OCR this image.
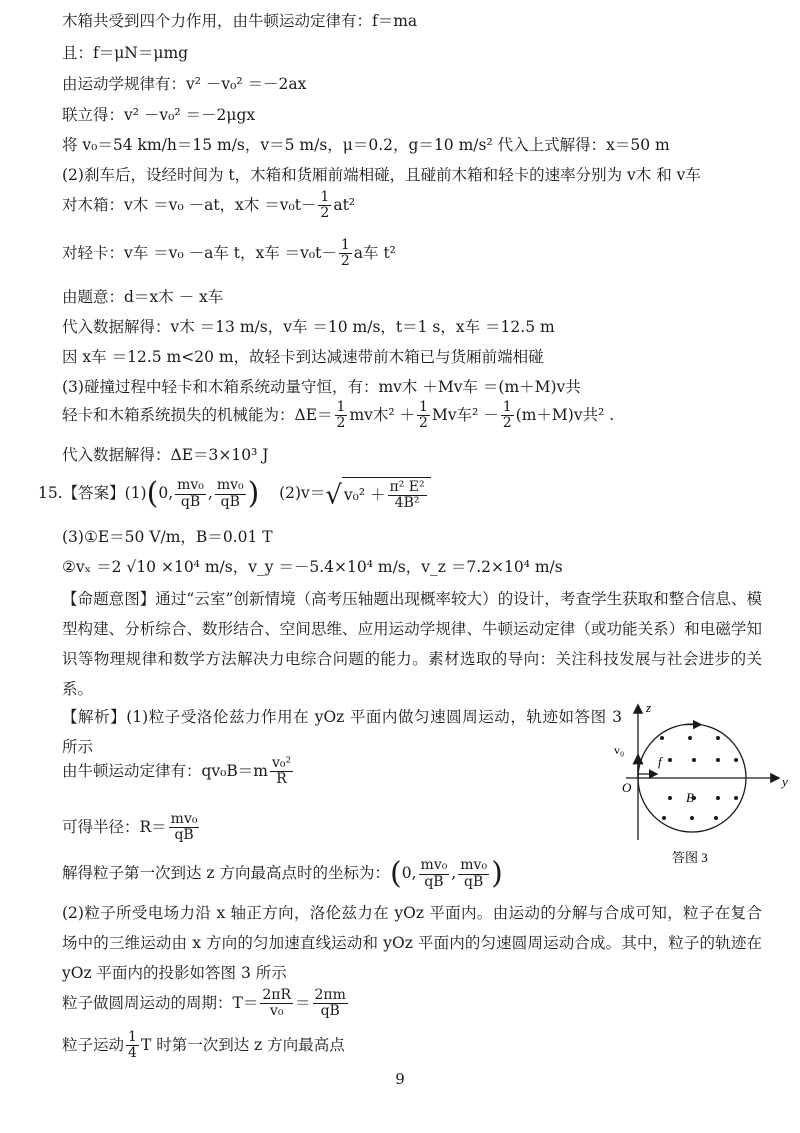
木箱共受到四个力作用，由牛顿运动定律有：f＝ma
且：f＝μN＝μmg
由运动学规律有：v² －v₀² ＝－2ax
联立得：v² －v₀² ＝－2μgx
将 v₀＝54 km/h＝15 m/s，v＝5 m/s，μ＝0.2，g＝10 m/s² 代入上式解得：x＝50 m
(2)刹车后，设经时间为 t，木箱和货厢前端相碰，且碰前木箱和轻卡的速率分别为 v木 和 v车
对木箱：v木 ＝v₀ －at，x木 $=v_0t- \frac{1}{2} at^2$
对轻卡：v车 ＝v₀ －a车 t，x车 $=v_0t- \frac{1}{2}$ a车 t²
由题意：d＝x木 － x车
代入数据解得：v木 ＝13 m/s，v车 ＝10 m/s，t＝1 s，x车 ＝12.5 m
因 x车 ＝12.5 m<20 m，故轻卡到达减速带前木箱已与货厢前端相碰
(3)碰撞过程中轻卡和木箱系统动量守恒，有：mv木 ＋Mv车 ＝(m＋M)v共
轻卡和木箱系统损失的机械能为：$\Delta E= \frac{1}{2}$ mv木$^2 + \frac{1}{2}$ Mv车$^2 - \frac{1}{2} (m+M)v$共² .
代入数据解得：ΔE＝3×10³ J
15.【答案】(1)(0, $\frac{\text{mv₀}}{qB}$ , $\frac{\text{mv₀}}{qB}$ ) (2)v＝√ $v_0^2 + \frac{\text{π² E²}}{\text{4B²}}$
(3)①E＝50 V/m，B＝0.01 T
②vₓ ＝2 √10 ×10⁴ m/s，v_y ＝－5.4×10⁴ m/s，v_z ＝7.2×10⁴ m/s
【命题意图】通过“云室”创新情境（高考压轴题出现概率较大）的设计，考查学生获取和整合信息、模型构建、分析综合、数形结合、空间思维、应用运动学规律、牛顿运动定律（或功能关系）和电磁学知识等物理规律和数学方法解决力电综合问题的能力。素材选取的导向：关注科技发展与社会进步的关系。
【解析】(1)粒子受洛伦兹力作用在 yOz 平面内做匀速圆周运动，轨迹如答图 3 所示
由牛顿运动定律有：$qv_0B=m \frac{\text{v₀²}}{R}$
可得半径：$R= \frac{\text{mv₀}}{qB}$
解得粒子第一次到达 z 方向最高点时的坐标为：(0, $\frac{\text{mv₀}}{qB}$ , $\frac{\text{mv₀}}{qB}$ )
(2)粒子所受电场力沿 x 轴正方向，洛伦兹力在 yOz 平面内。由运动的分解与合成可知，粒子在复合场中的三维运动由 x 方向的匀加速直线运动和 yOz 平面内的匀速圆周运动合成。其中，粒子的轨迹在 yOz 平面内的投影如答图 3 所示
粒子做圆周运动的周期：$T= \frac{2\pi R}{\text{v₀}} = \frac{2\pi m}{qB}$
粒子运动 $\frac{1}{4}$ T 时第一次到达 z 方向最高点
z
y
O
v₀
f
B
答图 3
9
